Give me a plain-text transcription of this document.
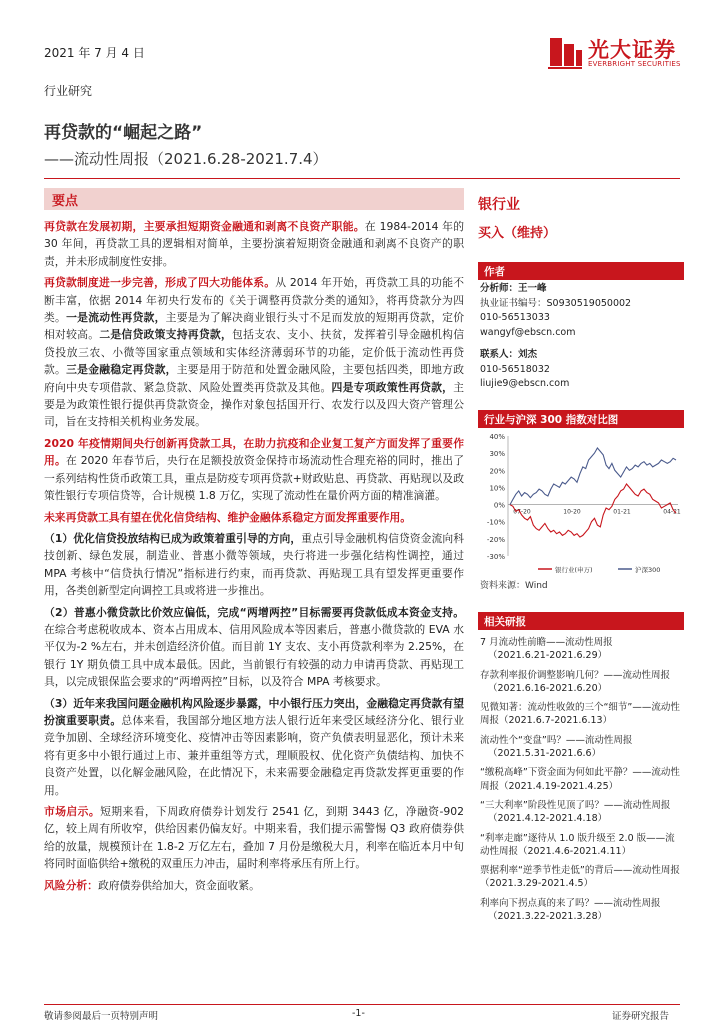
2021 年 7 月 4 日	光大证券
EVERBRIGHT SECURITIES
行业研究
再贷款的“崛起之路”
——流动性周报（2021.6.28-2021.7.4）
要点

再贷款在发展初期，主要承担短期资金融通和剥离不良资产职能。在 1984-2014 年的 30 年间，再贷款工具的逻辑相对简单，主要扮演着短期资金融通和剥离不良资产的职责，并未形成制度性安排。

再贷款制度进一步完善，形成了四大功能体系。从 2014 年开始，再贷款工具的功能不断丰富，依据 2014 年初央行发布的《关于调整再贷款分类的通知》，将再贷款分为四类。一是流动性再贷款，主要是为了解决商业银行头寸不足而发放的短期再贷款，定价相对较高。二是信贷政策支持再贷款，包括支农、支小、扶贫，发挥着引导金融机构信贷投放三农、小微等国家重点领域和实体经济薄弱环节的功能，定价低于流动性再贷款。三是金融稳定再贷款，主要是用于防范和处置金融风险，主要包括四类，即地方政府向中央专项借款、紧急贷款、风险处置类再贷款及其他。四是专项政策性再贷款，主要是为政策性银行提供再贷款资金，操作对象包括国开行、农发行以及四大资产管理公司，旨在支持相关机构业务发展。

2020 年疫情期间央行创新再贷款工具，在助力抗疫和企业复工复产方面发挥了重要作用。在 2020 年春节后，央行在足额投放资金保持市场流动性合理充裕的同时，推出了一系列结构性货币政策工具，重点是防疫专项再贷款+财政贴息、再贷款、再贴现以及政策性银行专项信贷等，合计规模 1.8 万亿，实现了流动性在量价两方面的精准滴灌。

未来再贷款工具有望在优化信贷结构、维护金融体系稳定方面发挥重要作用。

（1）优化信贷投放结构已成为政策着重引导的方向，重点引导金融机构信贷资金流向科技创新、绿色发展，制造业、普惠小微等领域，央行将进一步强化结构性调控，通过 MPA 考核中“信贷执行情况”指标进行约束，而再贷款、再贴现工具有望发挥更重要作用，各类创新型定向调控工具或将进一步推出。

（2）普惠小微贷款比价效应偏低，完成“两增两控”目标需要再贷款低成本资金支持。在综合考虑税收成本、资本占用成本、信用风险成本等因素后，普惠小微贷款的 EVA 水平仅为-2 %左右，并未创造经济价值。而目前 1Y 支农、支小再贷款利率为 2.25%，在银行 1Y 期负债工具中成本最低。因此，当前银行有较强的动力申请再贷款、再贴现工具，以完成银保监会要求的“两增两控”目标，以及符合 MPA 考核要求。

（3）近年来我国问题金融机构风险逐步暴露，中小银行压力突出，金融稳定再贷款有望扮演重要职责。总体来看，我国部分地区地方法人银行近年来受区域经济分化、银行业竞争加剧、全球经济环境变化、疫情冲击等因素影响，资产负债表明显恶化，预计未来将有更多中小银行通过上市、兼并重组等方式，理顺股权、优化资产负债结构、加快不良资产处置，以化解金融风险，在此情况下，未来需要金融稳定再贷款发挥更重要的作用。

市场启示。短期来看，下周政府债券计划发行 2541 亿，到期 3443 亿，净融资-902 亿，较上周有所收窄，供给因素仍偏友好。中期来看，我们提示需警惕 Q3 政府债券供给的放量，规模预计在 1.8-2 万亿左右，叠加 7 月份是缴税大月，利率在临近本月中旬将同时面临供给+缴税的双重压力冲击，届时利率将承压有所上行。

风险分析：政府债券供给加大，资金面收紧。

银行业
买入（维持）
作者
分析师：王一峰
执业证书编号：S0930519050002
010-56513033
wangyf@ebscn.com
联系人：刘杰
010-56518032
liujie9@ebscn.com
行业与沪深 300 指数对比图
40%
30%
20%
10%
0%
-10%
-20%
-30%
07-20	10-20	01-21	04-21
银行业(申万)	沪深300
资料来源：Wind
相关研报
7 月流动性前瞻——流动性周报
（2021.6.21-2021.6.29）
存款利率报价调整影响几何？——流动性周报
（2021.6.16-2021.6.20）
见微知著：流动性收敛的三个“细节”——流动性周报（2021.6.7-2021.6.13）
流动性个“变盘”吗？——流动性周报
（2021.5.31-2021.6.6）
“缴税高峰”下资金面为何如此平静？——流动性周报（2021.4.19-2021.4.25）
“三大利率”阶段性见顶了吗？——流动性周报
（2021.4.12-2021.4.18）
“利率走廊”逐待从 1.0 版升级至 2.0 版——流动性周报（2021.4.6-2021.4.11）
票据利率“逆季节性走低”的背后——流动性周报（2021.3.29-2021.4.5）
利率向下拐点真的来了吗？——流动性周报
（2021.3.22-2021.3.28）
敬请参阅最后一页特别声明	-1-	证券研究报告
